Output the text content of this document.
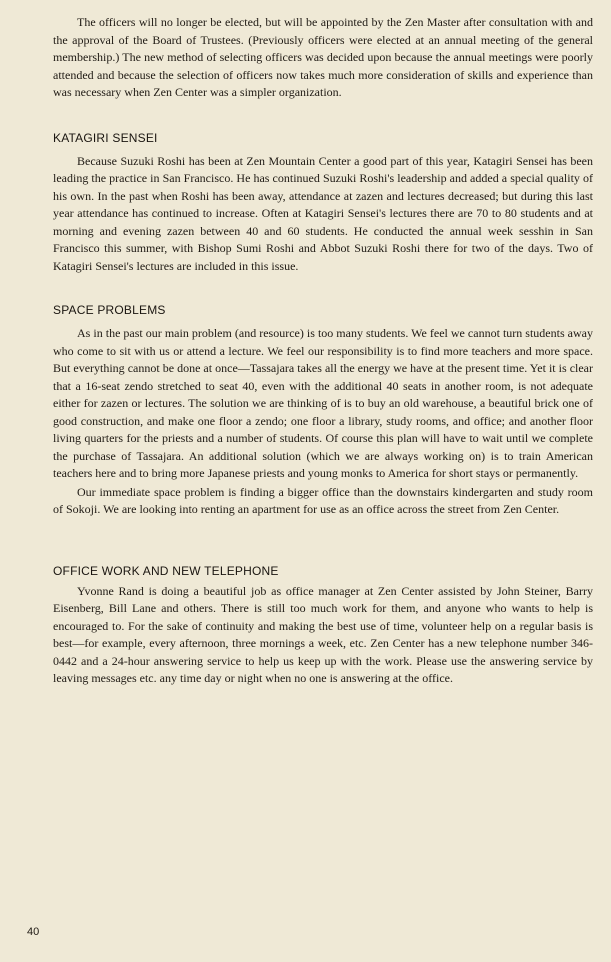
The officers will no longer be elected, but will be appointed by the Zen Master after consultation with and the approval of the Board of Trustees. (Previously officers were elected at an annual meeting of the general membership.) The new method of selecting officers was decided upon because the annual meetings were poorly attended and because the selection of officers now takes much more consideration of skills and experience than was necessary when Zen Center was a simpler organization.

KATAGIRI SENSEI

Because Suzuki Roshi has been at Zen Mountain Center a good part of this year, Katagiri Sensei has been leading the practice in San Francisco. He has continued Suzuki Roshi's leadership and added a special quality of his own. In the past when Roshi has been away, attendance at zazen and lectures decreased; but during this last year attendance has continued to increase. Often at Katagiri Sensei's lectures there are 70 to 80 students and at morning and evening zazen between 40 and 60 students. He conducted the annual week sesshin in San Francisco this summer, with Bishop Sumi Roshi and Abbot Suzuki Roshi there for two of the days. Two of Katagiri Sensei's lectures are included in this issue.

SPACE PROBLEMS

As in the past our main problem (and resource) is too many students. We feel we cannot turn students away who come to sit with us or attend a lecture. We feel our responsibility is to find more teachers and more space. But everything cannot be done at once—Tassajara takes all the energy we have at the present time. Yet it is clear that a 16-seat zendo stretched to seat 40, even with the additional 40 seats in another room, is not adequate either for zazen or lectures. The solution we are thinking of is to buy an old warehouse, a beautiful brick one of good construction, and make one floor a zendo; one floor a library, study rooms, and office; and another floor living quarters for the priests and a number of students. Of course this plan will have to wait until we complete the purchase of Tassajara. An additional solution (which we are always working on) is to train American teachers here and to bring more Japanese priests and young monks to America for short stays or permanently.

Our immediate space problem is finding a bigger office than the downstairs kindergarten and study room of Sokoji. We are looking into renting an apartment for use as an office across the street from Zen Center.

OFFICE WORK AND NEW TELEPHONE

Yvonne Rand is doing a beautiful job as office manager at Zen Center assisted by John Steiner, Barry Eisenberg, Bill Lane and others. There is still too much work for them, and anyone who wants to help is encouraged to. For the sake of continuity and making the best use of time, volunteer help on a regular basis is best—for example, every afternoon, three mornings a week, etc. Zen Center has a new telephone number 346-0442 and a 24-hour answering service to help us keep up with the work. Please use the answering service by leaving messages etc. any time day or night when no one is answering at the office.

40
